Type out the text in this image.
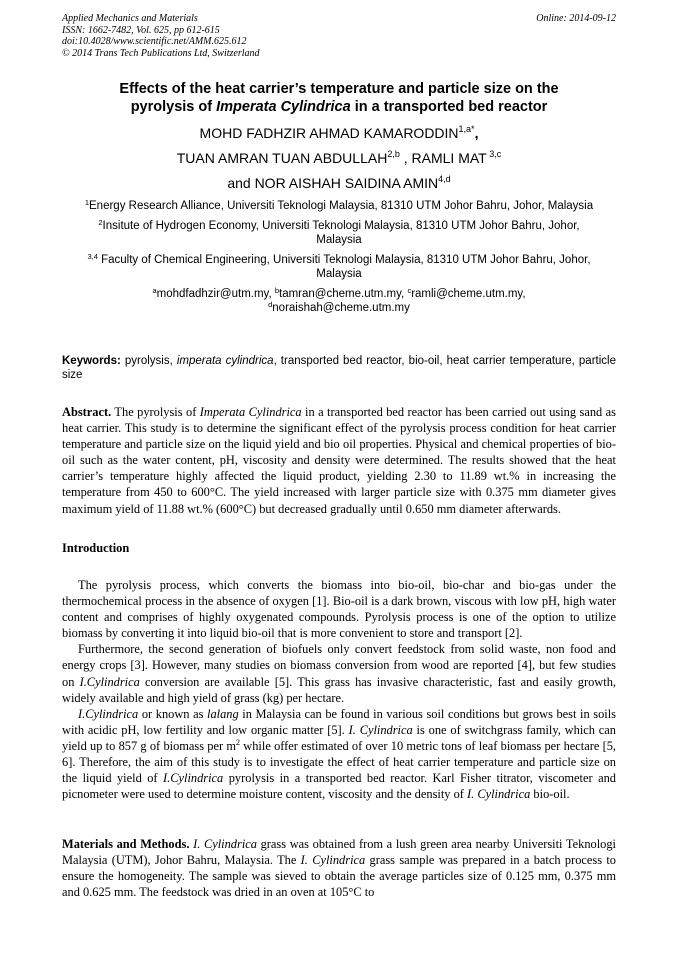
Applied Mechanics and Materials
ISSN: 1662-7482, Vol. 625, pp 612-615
doi:10.4028/www.scientific.net/AMM.625.612
© 2014 Trans Tech Publications Ltd, Switzerland
Online: 2014-09-12
Effects of the heat carrier’s temperature and particle size on the
pyrolysis of Imperata Cylindrica in a transported bed reactor
MOHD FADHZIR AHMAD $KAMARODDIN^{1,a*}$,
TUAN AMRAN TUAN ABDULLAH$^{2,b}$ , RAMLI MAT $^{3,c}$
and NOR AISHAH SAIDINA AMIN$^{4,d}$
$^1$Energy Research Alliance, Universiti Teknologi Malaysia, 81310 UTM Johor Bahru, Johor, Malaysia
$^2$Insitute of Hydrogen Economy, Universiti Teknologi Malaysia, 81310 UTM Johor Bahru, Johor, Malaysia
$^{3,4}$ Faculty of Chemical Engineering, Universiti Teknologi Malaysia, 81310 UTM Johor Bahru, Johor, Malaysia
$^a$mohdfadhzir@utm.my, $^b$tamran@cheme.utm.my, $^c$ramli@cheme.utm.my,
$^d$noraishah@cheme.utm.my
Keywords: pyrolysis, imperata cylindrica, transported bed reactor, bio-oil, heat carrier temperature, particle size
Abstract. The pyrolysis of Imperata Cylindrica in a transported bed reactor has been carried out using sand as heat carrier. This study is to determine the significant effect of the pyrolysis process condition for heat carrier temperature and particle size on the liquid yield and bio oil properties. Physical and chemical properties of bio-oil such as the water content, pH, viscosity and density were determined. The results showed that the heat carrier’s temperature highly affected the liquid product, yielding 2.30 to 11.89 wt.% in increasing the temperature from 450 to 600°C. The yield increased with larger particle size with 0.375 mm diameter gives maximum yield of 11.88 wt.% (600°C) but decreased gradually until 0.650 mm diameter afterwards.
Introduction

The pyrolysis process, which converts the biomass into bio-oil, bio-char and bio-gas under the thermochemical process in the absence of oxygen [1]. Bio-oil is a dark brown, viscous with low pH, high water content and comprises of highly oxygenated compounds. Pyrolysis process is one of the option to utilize biomass by converting it into liquid bio-oil that is more convenient to store and transport [2].

Furthermore, the second generation of biofuels only convert feedstock from solid waste, non food and energy crops [3]. However, many studies on biomass conversion from wood are reported [4], but few studies on I.Cylindrica conversion are available [5]. This grass has invasive characteristic, fast and easily growth, widely available and high yield of grass (kg) per hectare.

I.Cylindrica or known as lalang in Malaysia can be found in various soil conditions but grows best in soils with acidic pH, low fertility and low organic matter [5]. I. Cylindrica is one of switchgrass family, which can yield up to 857 g of biomass per $m^2$ while offer estimated of over 10 metric tons of leaf biomass per hectare [5, 6]. Therefore, the aim of this study is to investigate the effect of heat carrier temperature and particle size on the liquid yield of I.Cylindrica pyrolysis in a transported bed reactor. Karl Fisher titrator, viscometer and picnometer were used to determine moisture content, viscosity and the density of I. Cylindrica bio-oil.

Materials and Methods. I. Cylindrica grass was obtained from a lush green area nearby Universiti Teknologi Malaysia (UTM), Johor Bahru, Malaysia. The I. Cylindrica grass sample was prepared in a batch process to ensure the homogeneity. The sample was sieved to obtain the average particles size of 0.125 mm, 0.375 mm and 0.625 mm. The feedstock was dried in an oven at 105°C to
